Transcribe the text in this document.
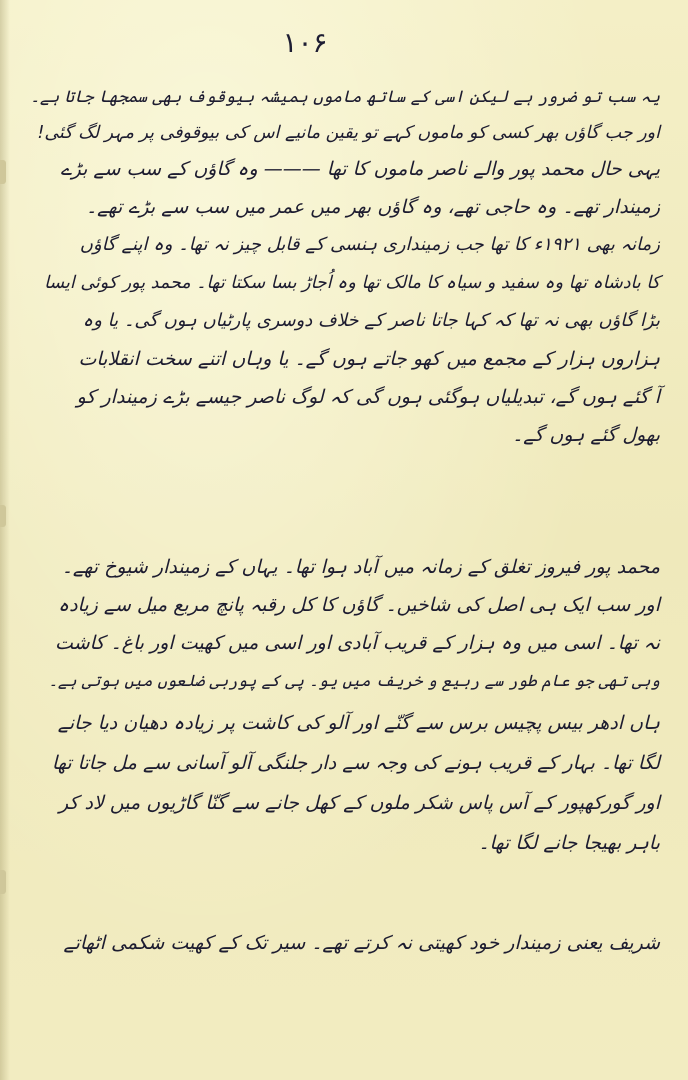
۱۰۶
یہ سب تو ضرور ہے لیکن اسی کے ساتھ ماموں ہمیشہ بیوقوف بھی سمجھا جاتا ہے۔
اور جب گاؤں بھر کسی کو ماموں کہے تو یقین مانیے اس کی بیوقوفی پر مہر لگ گئی!
یہی حال محمد پور والے ناصر ماموں کا تھا ——— وہ گاؤں کے سب سے بڑے
زمیندار تھے۔ وہ حاجی تھے، وہ گاؤں بھر میں عمر میں سب سے بڑے تھے۔
زمانہ بھی ۱۹۲۱ء کا تھا جب زمینداری ہنسی کے قابل چیز نہ تھا۔ وہ اپنے گاؤں
کا بادشاہ تھا وہ سفید و سیاہ کا مالک تھا وہ اُجاڑ بسا سکتا تھا۔ محمد پور کوئی ایسا
بڑا گاؤں بھی نہ تھا کہ کہا جاتا ناصر کے خلاف دوسری پارٹیاں ہوں گی۔ یا وہ
ہزاروں ہزار کے مجمع میں کھو جاتے ہوں گے۔ یا وہاں اتنے سخت انقلابات
آ گئے ہوں گے، تبدیلیاں ہوگئی ہوں گی کہ لوگ ناصر جیسے بڑے زمیندار کو
بھول گئے ہوں گے۔
محمد پور فیروز تغلق کے زمانہ میں آباد ہوا تھا۔ یہاں کے زمیندار شیوخ تھے۔
اور سب ایک ہی اصل کی شاخیں۔ گاؤں کا کل رقبہ پانچ مربع میل سے زیادہ
نہ تھا۔ اسی میں وہ ہزار کے قریب آبادی اور اسی میں کھیت اور باغ۔ کاشت
وہی تھی جو عام طور سے ربیع و خریف میں یو۔ پی کے پوربی ضلعوں میں ہوتی ہے۔
ہاں ادھر بیس پچیس برس سے گنّے اور آلو کی کاشت پر زیادہ دھیان دیا جانے
لگا تھا۔ بہار کے قریب ہونے کی وجہ سے دار جلنگی آلو آسانی سے مل جاتا تھا
اور گورکھپور کے آس پاس شکر ملوں کے کھل جانے سے گنّا گاڑیوں میں لاد کر
باہر بھیجا جانے لگا تھا۔
شریف یعنی زمیندار خود کھیتی نہ کرتے تھے۔ سیر تک کے کھیت شکمی اٹھاتے
